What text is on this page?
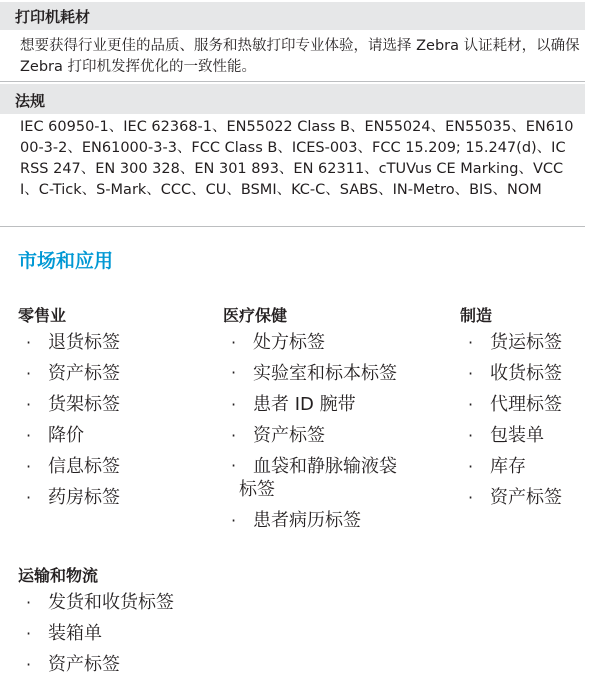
打印机耗材
想要获得行业更佳的品质、服务和热敏打印专业体验，请选择 Zebra 认证耗材，以确保 Zebra 打印机发挥优化的一致性能。
法规
IEC 60950-1、IEC 62368-1、EN55022 Class B、EN55024、EN55035、EN61000-3-2、EN61000-3-3、FCC Class B、ICES-003、FCC 15.209; 15.247(d)、IC RSS 247、EN 300 328、EN 301 893、EN 62311、cTUVus CE Marking、VCCI、C-Tick、S-Mark、CCC、CU、BSMI、KC-C、SABS、IN-Metro、BIS、NOM
市场和应用
零售业
· 退货标签
· 资产标签
· 货架标签
· 降价
· 信息标签
· 药房标签
医疗保健
· 处方标签
· 实验室和标本标签
· 患者 ID 腕带
· 资产标签
· 血袋和静脉输液袋标签
· 患者病历标签
制造
· 货运标签
· 收货标签
· 代理标签
· 包装单
· 库存
· 资产标签
运输和物流
· 发货和收货标签
· 装箱单
· 资产标签
